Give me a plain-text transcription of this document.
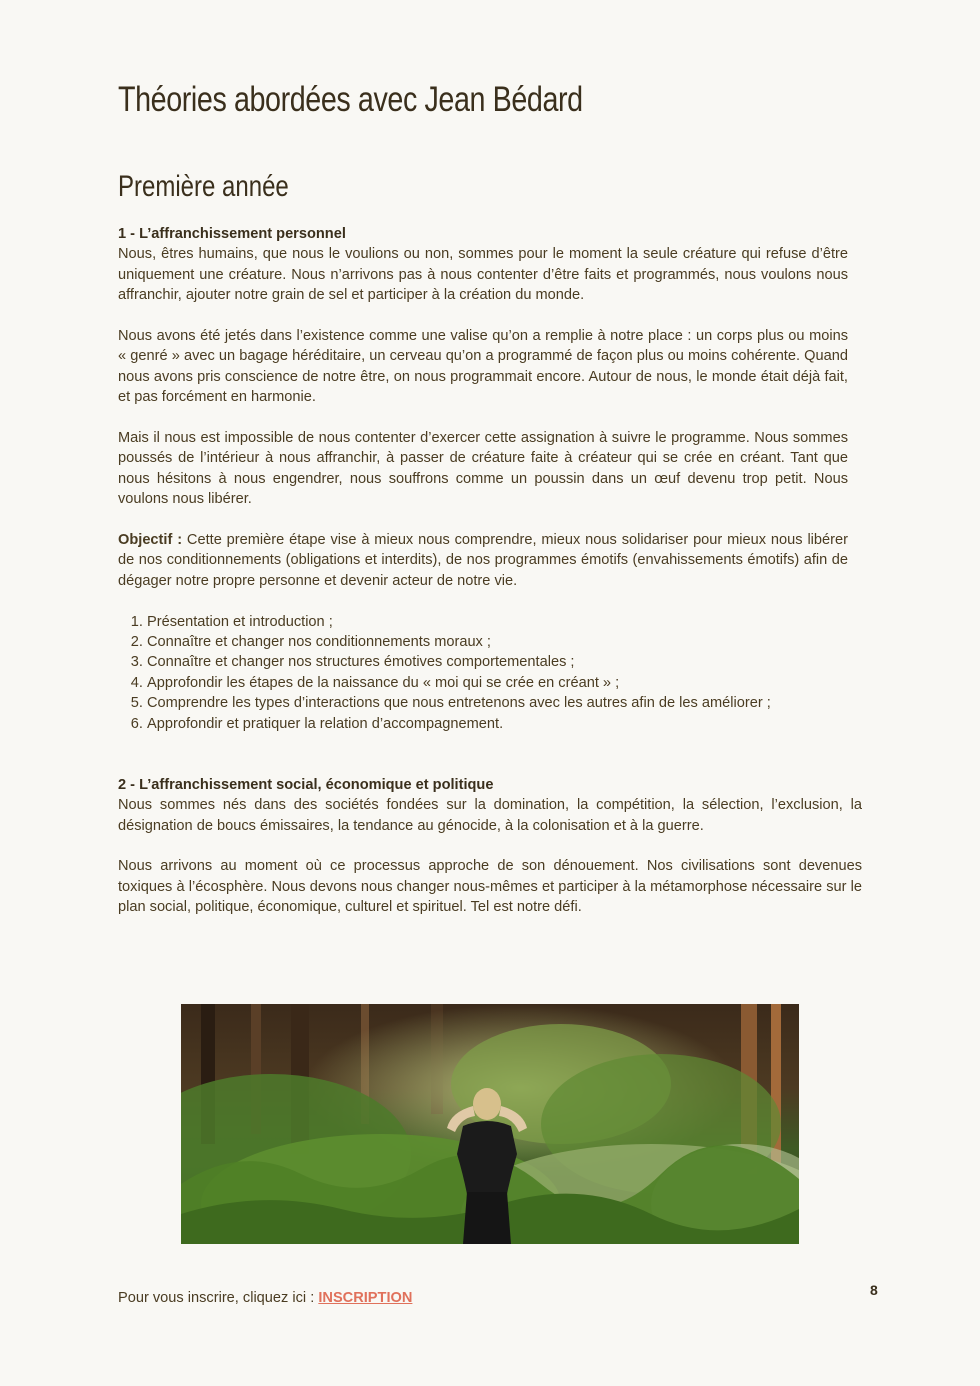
Théories abordées avec Jean Bédard
Première année
1 - L’affranchissement personnel

Nous, êtres humains, que nous le voulions ou non, sommes pour le moment la seule créature qui refuse d’être uniquement une créature. Nous n’arrivons pas à nous contenter d’être faits et programmés, nous voulons nous affranchir, ajouter notre grain de sel et participer à la création du monde.

Nous avons été jetés dans l’existence comme une valise qu’on a remplie à notre place : un corps plus ou moins « genré » avec un bagage héréditaire, un cerveau qu’on a programmé de façon plus ou moins cohérente. Quand nous avons pris conscience de notre être, on nous programmait encore. Autour de nous, le monde était déjà fait, et pas forcément en harmonie.

Mais il nous est impossible de nous contenter d’exercer cette assignation à suivre le programme. Nous sommes poussés de l’intérieur à nous affranchir, à passer de créature faite à créateur qui se crée en créant. Tant que nous hésitons à nous engendrer, nous souffrons comme un poussin dans un œuf devenu trop petit. Nous voulons nous libérer.

Objectif : Cette première étape vise à mieux nous comprendre, mieux nous solidariser pour mieux nous libérer de nos conditionnements (obligations et interdits), de nos programmes émotifs (envahissements émotifs) afin de dégager notre propre personne et devenir acteur de notre vie.

1. Présentation et introduction ;
2. Connaître et changer nos conditionnements moraux ;
3. Connaître et changer nos structures émotives comportementales ;
4. Approfondir les étapes de la naissance du « moi qui se crée en créant » ;
5. Comprendre les types d’interactions que nous entretenons avec les autres afin de les améliorer ;
6. Approfondir et pratiquer la relation d’accompagnement.
2 - L’affranchissement social, économique et politique

Nous sommes nés dans des sociétés fondées sur la domination, la compétition, la sélection, l’exclusion, la désignation de boucs émissaires, la tendance au génocide, à la colonisation et à la guerre.

Nous arrivons au moment où ce processus approche de son dénouement. Nos civilisations sont devenues toxiques à l’écosphère. Nous devons nous changer nous-mêmes et participer à la métamorphose nécessaire sur le plan social, politique, économique, culturel et spirituel. Tel est notre défi.

Pour vous inscrire, cliquez ici : INSCRIPTION	8
